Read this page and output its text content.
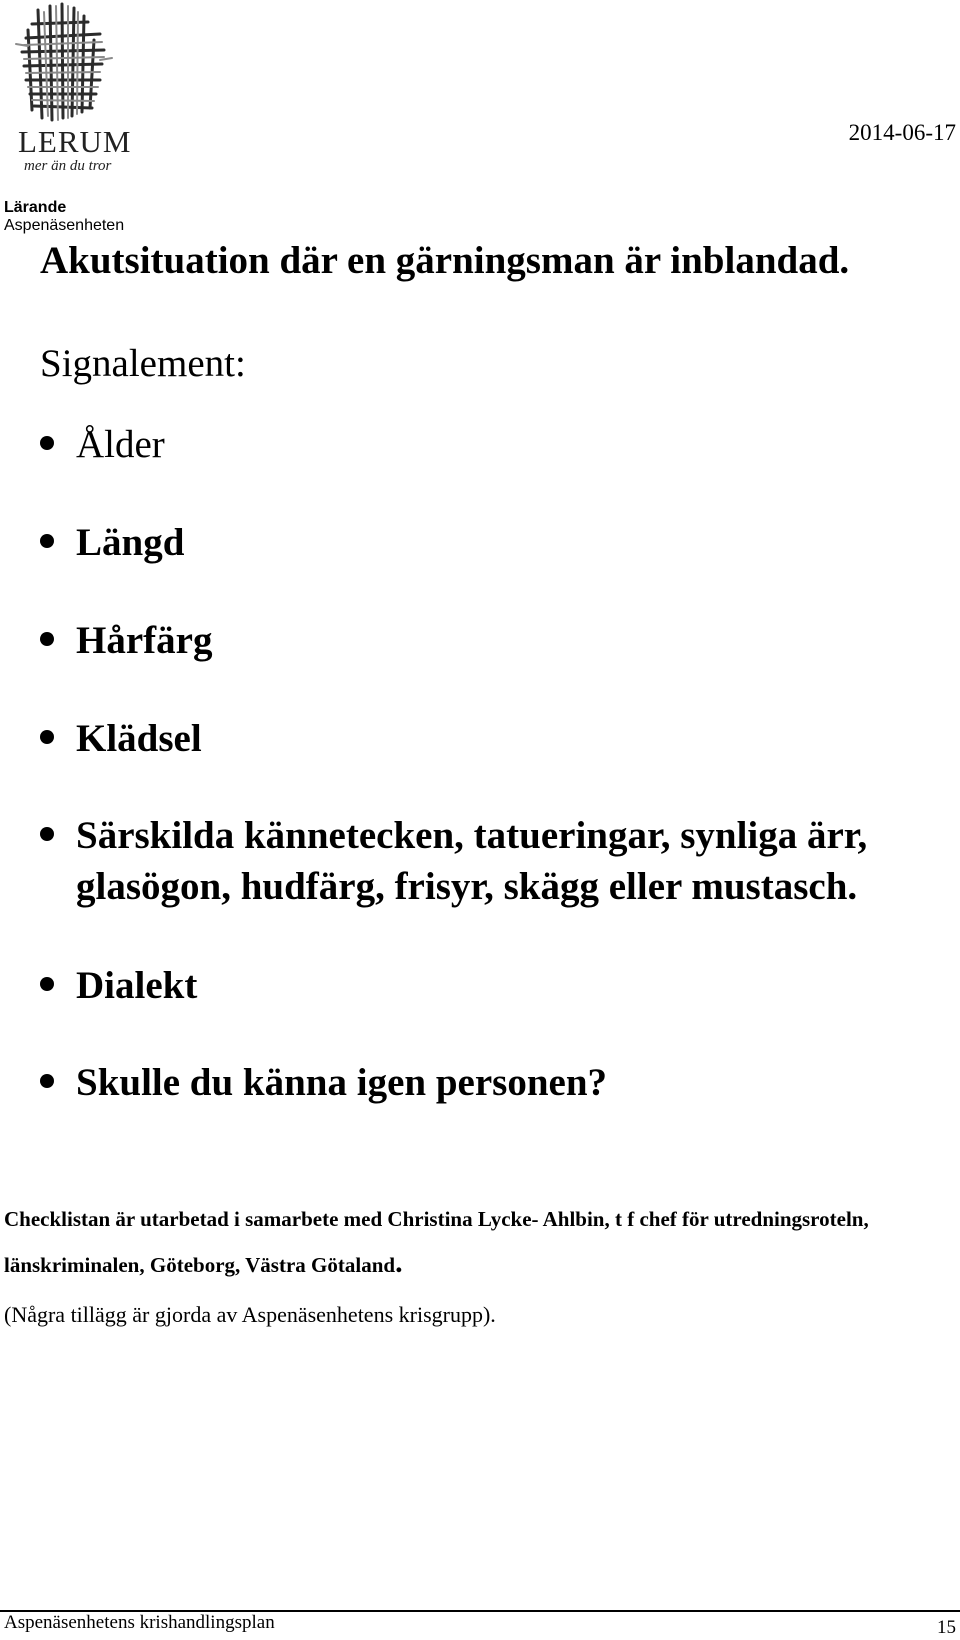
LERUM
mer än du tror
2014-06-17
Lärande
Aspenäsenheten
Akutsituation där en gärningsman är inblandad.
Signalement:
Ålder
Längd
Hårfärg
Klädsel
Särskilda kännetecken, tatueringar, synliga ärr, glasögon, hudfärg, frisyr, skägg eller mustasch.
Dialekt
Skulle du känna igen personen?
Checklistan är utarbetad i samarbete med Christina Lycke- Ahlbin, t f chef för utredningsroteln, länskriminalen, Göteborg, Västra Götaland.
(Några tillägg är gjorda av Aspenäsenhetens krisgrupp).
Aspenäsenhetens krishandlingsplan	15
